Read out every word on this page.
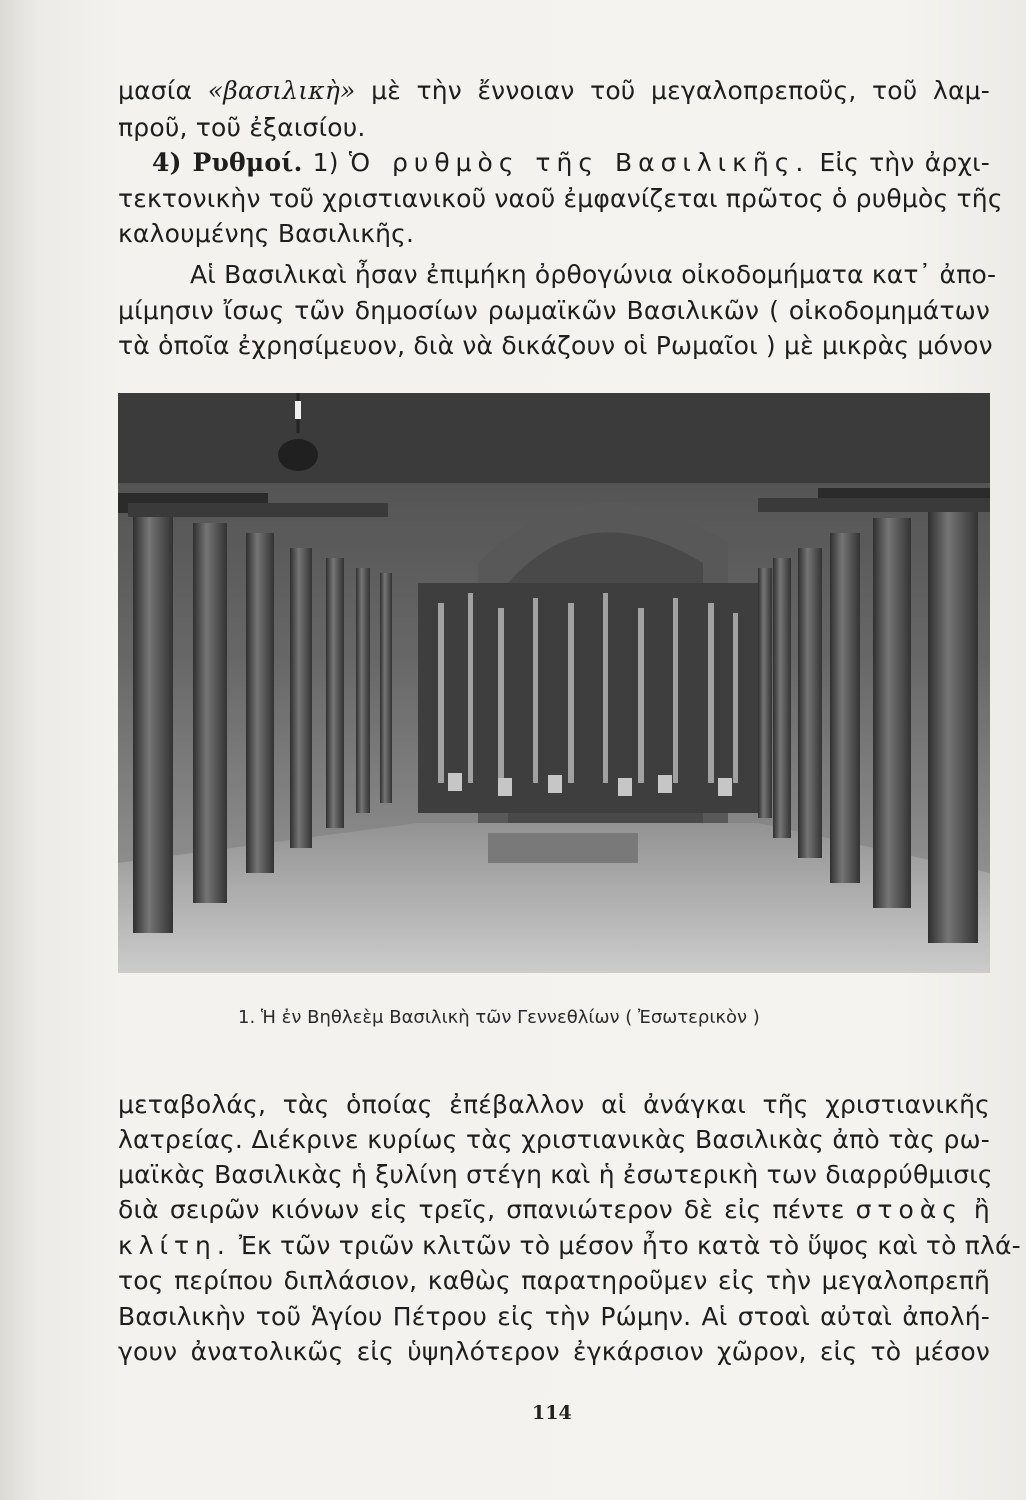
μασία «βασιλικὴ» μὲ τὴν ἔννοιαν τοῦ μεγαλοπρεποῦς, τοῦ λαμ-
προῦ, τοῦ ἐξαισίου.
4) Ρυθμοί. 1) Ὁ ρυθμὸς τῆς Βασιλικῆς. Εἰς τὴν ἀρχι-
τεκτονικὴν τοῦ χριστιανικοῦ ναοῦ ἐμφανίζεται πρῶτος ὁ ρυθμὸς τῆς
καλουμένης Βασιλικῆς.
Αἱ Βασιλικαὶ ἦσαν ἐπιμήκη ὀρθογώνια οἰκοδομήματα κατ᾽ ἀπο-
μίμησιν ἴσως τῶν δημοσίων ρωμαϊκῶν Βασιλικῶν ( οἰκοδομημάτων
τὰ ὁποῖα ἐχρησίμευον, διὰ νὰ δικάζουν οἱ Ρωμαῖοι ) μὲ μικρὰς μόνον
1. Ἡ ἐν Βηθλεὲμ Βασιλικὴ τῶν Γεννεθλίων ( Ἐσωτερικὸν )
μεταβολάς, τὰς ὁποίας ἐπέβαλλον αἱ ἀνάγκαι τῆς χριστιανικῆς
λατρείας. Διέκρινε κυρίως τὰς χριστιανικὰς Βασιλικὰς ἀπὸ τὰς ρω-
μαϊκὰς Βασιλικὰς ἡ ξυλίνη στέγη καὶ ἡ ἐσωτερικὴ των διαρρύθμισις
διὰ σειρῶν κιόνων εἰς τρεῖς, σπανιώτερον δὲ εἰς πέντε στοὰς ἢ
κλίτη. Ἐκ τῶν τριῶν κλιτῶν τὸ μέσον ἦτο κατὰ τὸ ὕψος καὶ τὸ πλά-
τος περίπου διπλάσιον, καθὼς παρατηροῦμεν εἰς τὴν μεγαλοπρεπῆ
Βασιλικὴν τοῦ Ἁγίου Πέτρου εἰς τὴν Ρώμην. Αἱ στοαὶ αὐταὶ ἀπολή-
γουν ἀνατολικῶς εἰς ὑψηλότερον ἐγκάρσιον χῶρον, εἰς τὸ μέσον
114
